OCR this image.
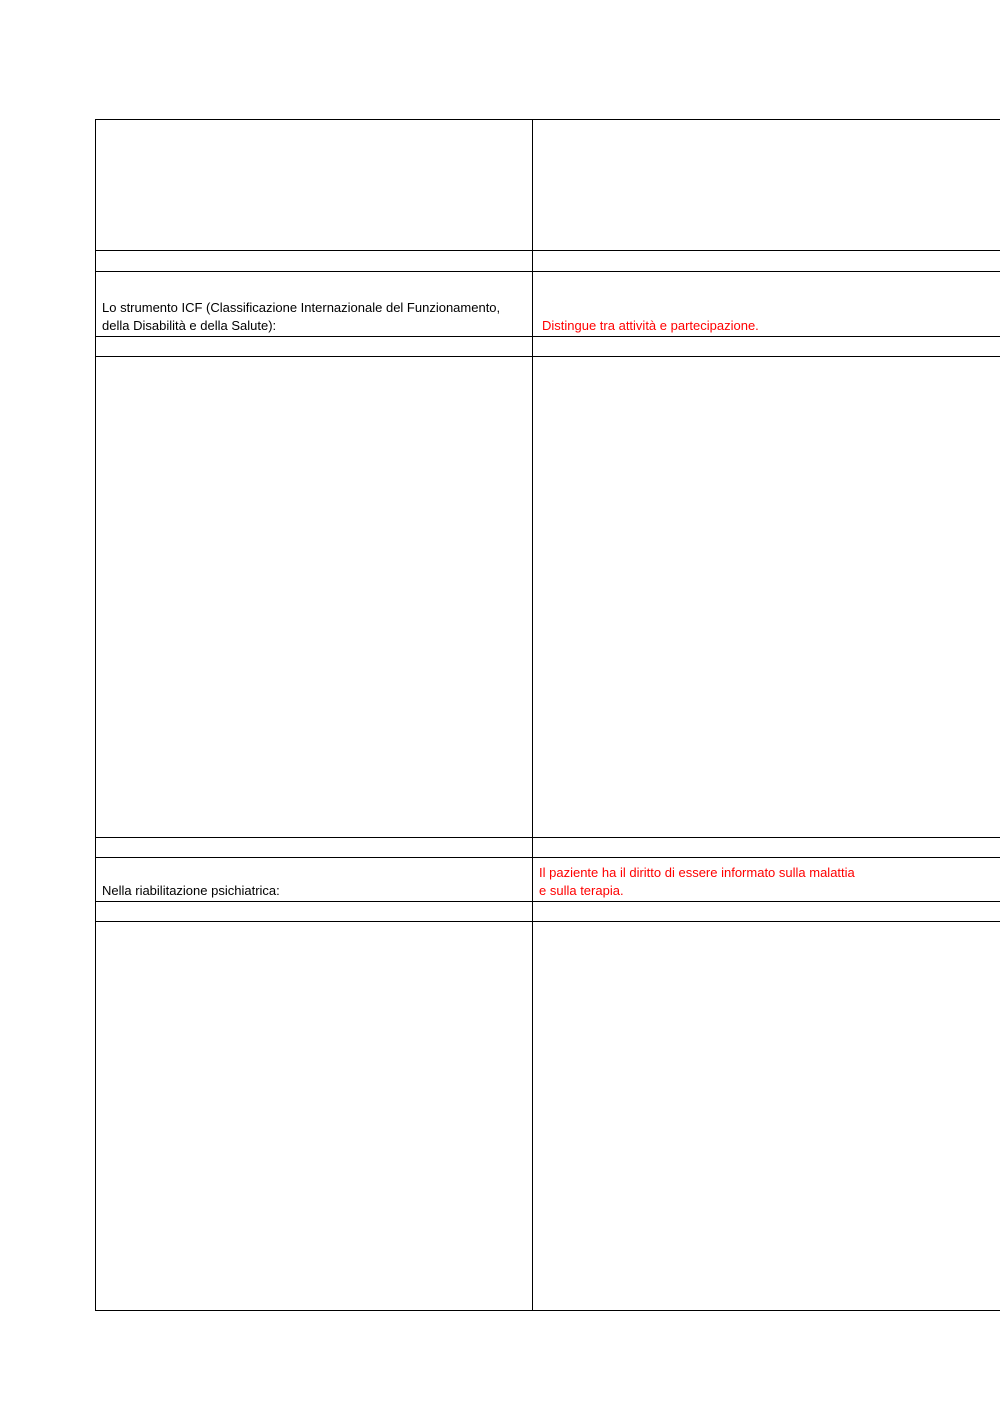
Lo strumento ICF (Classificazione Internazionale del Funzionamento,
della Disabilità e della Salute):	Distingue tra attività e partecipazione.

Nella riabilitazione psichiatrica:	Il paziente ha il diritto di essere informato sulla malattia
e sulla terapia.
